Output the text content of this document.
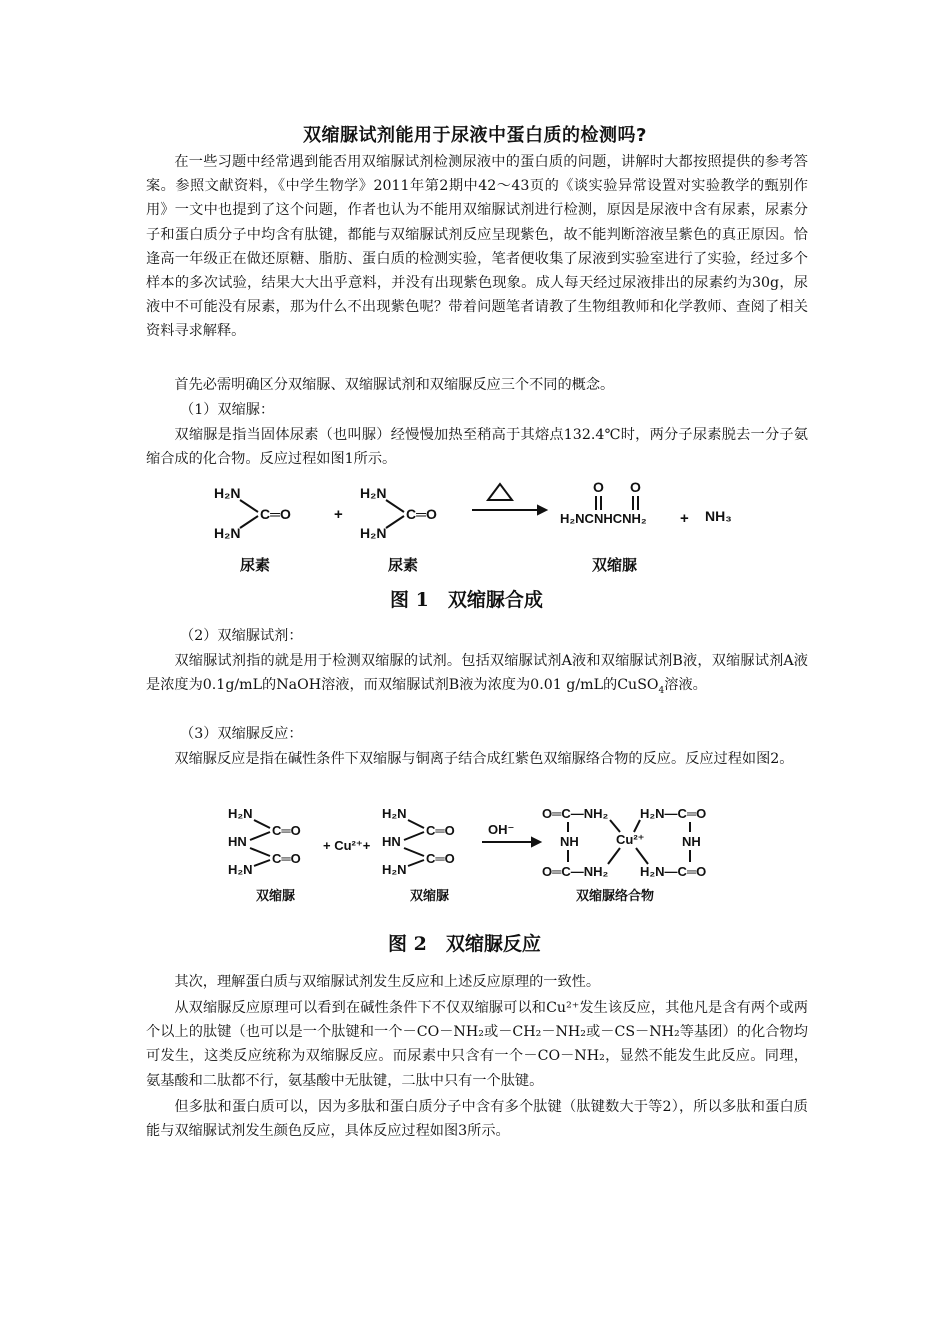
双缩脲试剂能用于尿液中蛋白质的检测吗?

在一些习题中经常遇到能否用双缩脲试剂检测尿液中的蛋白质的问题，讲解时大都按照提供的参考答案。参照文献资料，《中学生物学》2011年第2期中42～43页的《谈实验异常设置对实验教学的甄别作用》一文中也提到了这个问题，作者也认为不能用双缩脲试剂进行检测，原因是尿液中含有尿素，尿素分子和蛋白质分子中均含有肽键，都能与双缩脲试剂反应呈现紫色，故不能判断溶液呈紫色的真正原因。恰逢高一年级正在做还原糖、脂肪、蛋白质的检测实验，笔者便收集了尿液到实验室进行了实验，经过多个样本的多次试验，结果大大出乎意料，并没有出现紫色现象。成人每天经过尿液排出的尿素约为30g，尿液中不可能没有尿素，那为什么不出现紫色呢？带着问题笔者请教了生物组教师和化学教师、查阅了相关资料寻求解释。

首先必需明确区分双缩脲、双缩脲试剂和双缩脲反应三个不同的概念。

（1）双缩脲：

双缩脲是指当固体尿素（也叫脲）经慢慢加热至稍高于其熔点132.4℃时，两分子尿素脱去一分子氨缩合成的化合物。反应过程如图1所示。

H₂N
H₂N
C═O
尿素
+
H₂N
H₂N
C═O
尿素
O O
H₂NCNHCNH₂ + NH₃
双缩脲
图 1　双缩脲合成

（2）双缩脲试剂：

双缩脲试剂指的就是用于检测双缩脲的试剂。包括双缩脲试剂A液和双缩脲试剂B液，双缩脲试剂A液是浓度为0.1g/mL的NaOH溶液，而双缩脲试剂B液为浓度为0.01 g/mL的CuSO$_4$溶液。

（3）双缩脲反应：

双缩脲反应是指在碱性条件下双缩脲与铜离子结合成红紫色双缩脲络合物的反应。反应过程如图2。

H₂N
HN
H₂N
C═O
C═O
双缩脲
+ Cu²⁺+
H₂N
HN
H₂N
C═O
C═O
双缩脲
OH⁻
O═C—NH₂ H₂N—C═O
NH	Cu²⁺	NH
O═C—NH₂ H₂N—C═O
双缩脲络合物
图 2　双缩脲反应

其次，理解蛋白质与双缩脲试剂发生反应和上述反应原理的一致性。

从双缩脲反应原理可以看到在碱性条件下不仅双缩脲可以和Cu²⁺发生该反应，其他凡是含有两个或两个以上的肽键（也可以是一个肽键和一个－CO－NH₂或－CH₂－NH₂或－CS－NH₂等基团）的化合物均可发生，这类反应统称为双缩脲反应。而尿素中只含有一个－CO－NH₂，显然不能发生此反应。同理，氨基酸和二肽都不行，氨基酸中无肽键，二肽中只有一个肽键。

但多肽和蛋白质可以，因为多肽和蛋白质分子中含有多个肽键（肽键数大于等2），所以多肽和蛋白质能与双缩脲试剂发生颜色反应，具体反应过程如图3所示。
